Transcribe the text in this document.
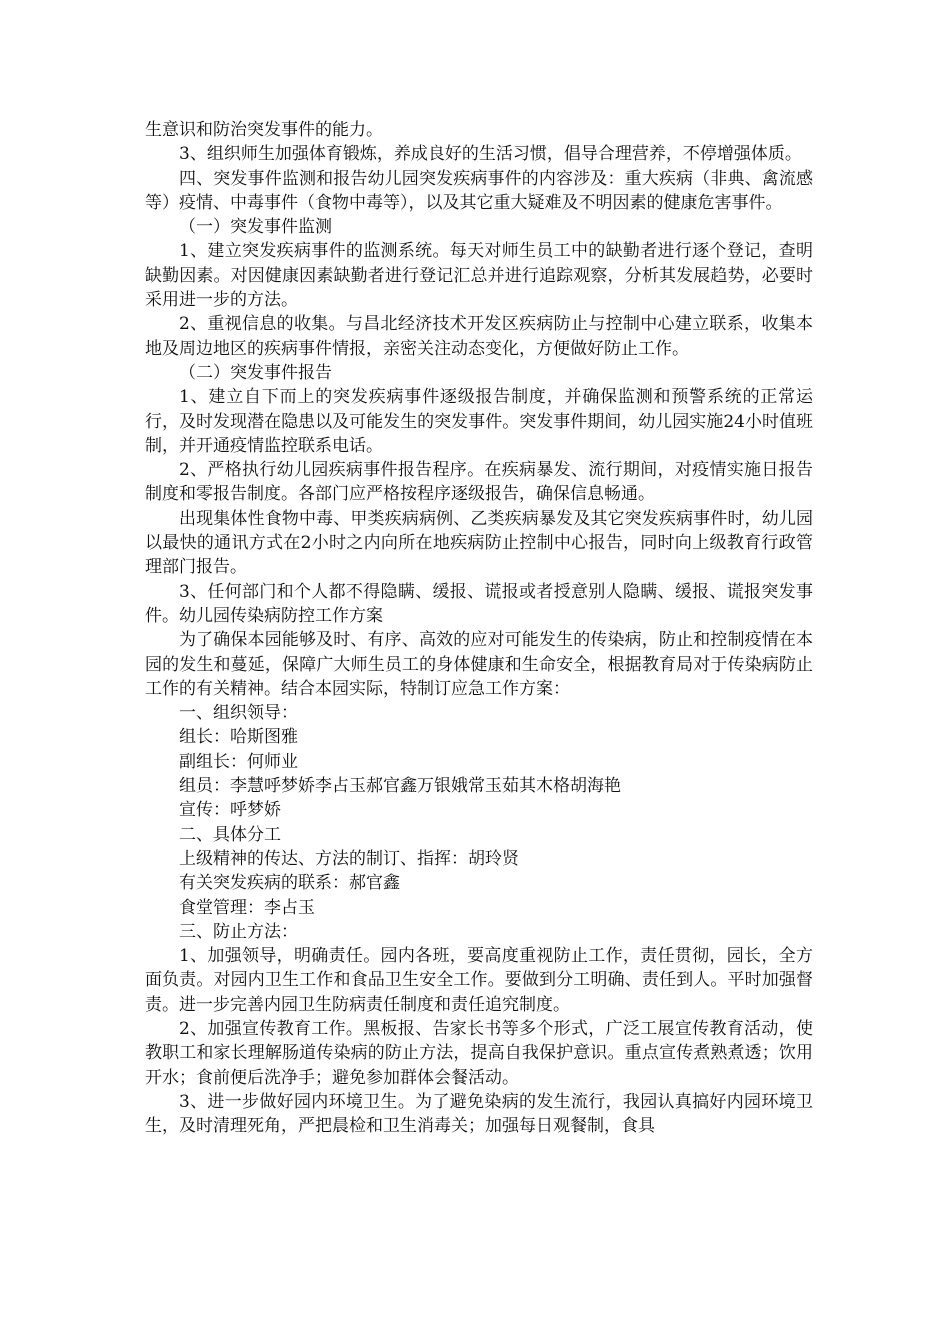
生意识和防治突发事件的能力。

3、组织师生加强体育锻炼，养成良好的生活习惯，倡导合理营养，不停增强体质。

四、突发事件监测和报告幼儿园突发疾病事件的内容涉及：重大疾病（非典、禽流感等）疫情、中毒事件（食物中毒等），以及其它重大疑难及不明因素的健康危害事件。

（一）突发事件监测

1、建立突发疾病事件的监测系统。每天对师生员工中的缺勤者进行逐个登记，查明缺勤因素。对因健康因素缺勤者进行登记汇总并进行追踪观察，分析其发展趋势，必要时采用进一步的方法。

2、重视信息的收集。与昌北经济技术开发区疾病防止与控制中心建立联系，收集本地及周边地区的疾病事件情报，亲密关注动态变化，方便做好防止工作。

（二）突发事件报告

1、建立自下而上的突发疾病事件逐级报告制度，并确保监测和预警系统的正常运行，及时发现潜在隐患以及可能发生的突发事件。突发事件期间，幼儿园实施24小时值班制，并开通疫情监控联系电话。

2、严格执行幼儿园疾病事件报告程序。在疾病暴发、流行期间，对疫情实施日报告制度和零报告制度。各部门应严格按程序逐级报告，确保信息畅通。

出现集体性食物中毒、甲类疾病病例、乙类疾病暴发及其它突发疾病事件时，幼儿园以最快的通讯方式在2小时之内向所在地疾病防止控制中心报告，同时向上级教育行政管理部门报告。

3、任何部门和个人都不得隐瞒、缓报、谎报或者授意别人隐瞒、缓报、谎报突发事件。幼儿园传染病防控工作方案

为了确保本园能够及时、有序、高效的应对可能发生的传染病，防止和控制疫情在本园的发生和蔓延，保障广大师生员工的身体健康和生命安全，根据教育局对于传染病防止工作的有关精神。结合本园实际，特制订应急工作方案：

一、组织领导：

组长：哈斯图雅

副组长：何师业

组员：李慧呼梦娇李占玉郝官鑫万银娥常玉茹其木格胡海艳

宣传：呼梦娇

二、具体分工

上级精神的传达、方法的制订、指挥：胡玲贤

有关突发疾病的联系：郝官鑫

食堂管理：李占玉

三、防止方法：

1、加强领导，明确责任。园内各班，要高度重视防止工作，责任贯彻，园长，全方面负责。对园内卫生工作和食品卫生安全工作。要做到分工明确、责任到人。平时加强督责。进一步完善内园卫生防病责任制度和责任追究制度。

2、加强宣传教育工作。黑板报、告家长书等多个形式，广泛工展宣传教育活动，使教职工和家长理解肠道传染病的防止方法，提高自我保护意识。重点宣传煮熟煮透；饮用开水；食前便后洗净手；避免参加群体会餐活动。

3、进一步做好园内环境卫生。为了避免染病的发生流行，我园认真搞好内园环境卫生，及时清理死角，严把晨检和卫生消毒关；加强每日观餐制，食具
